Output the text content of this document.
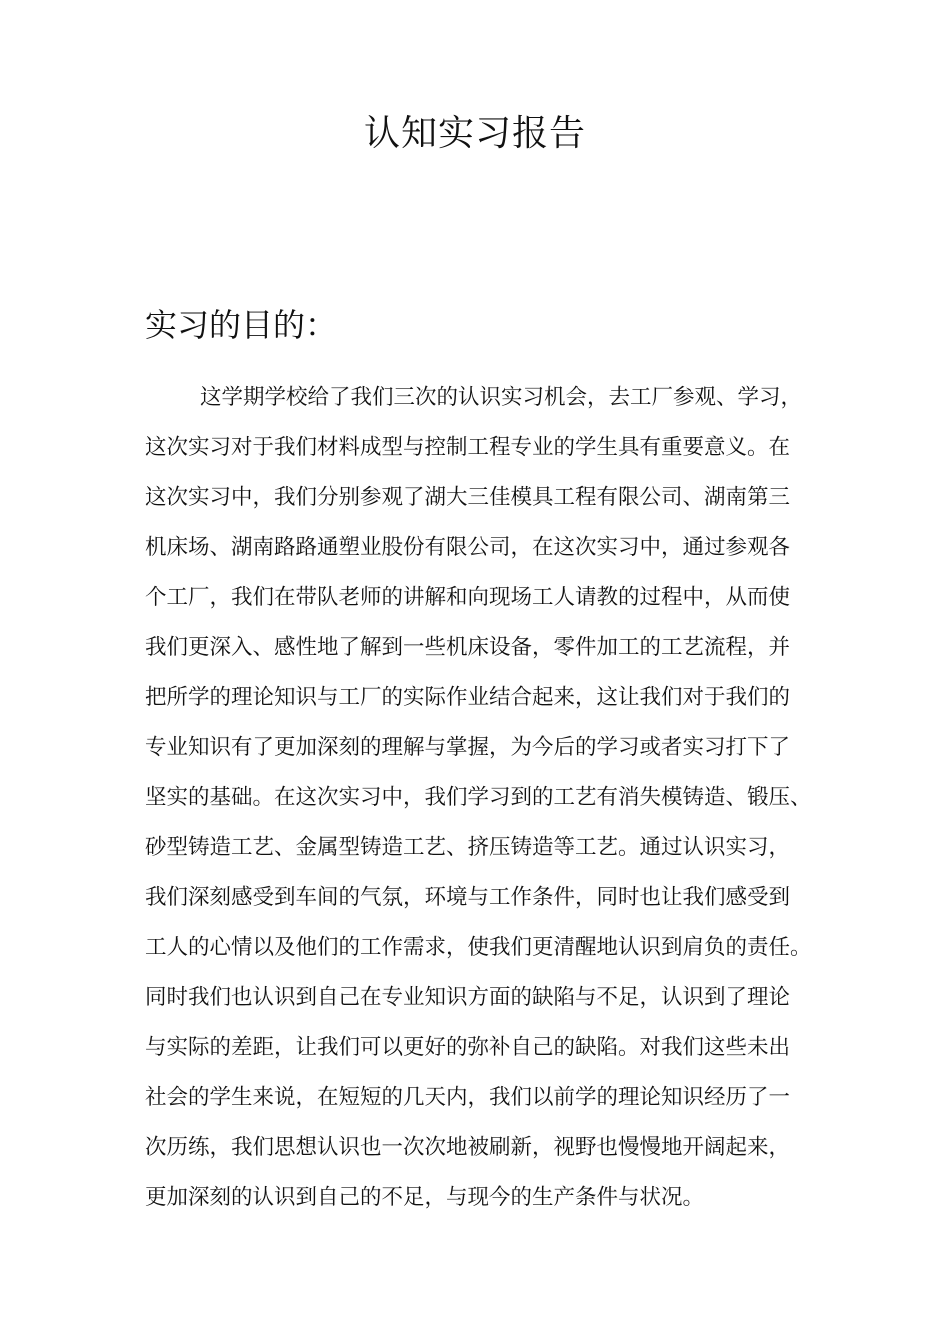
认知实习报告
实习的目的：
这学期学校给了我们三次的认识实习机会，去工厂参观、学习，
这次实习对于我们材料成型与控制工程专业的学生具有重要意义。在
这次实习中，我们分别参观了湖大三佳模具工程有限公司、湖南第三
机床场、湖南路路通塑业股份有限公司，在这次实习中，通过参观各
个工厂，我们在带队老师的讲解和向现场工人请教的过程中，从而使
我们更深入、感性地了解到一些机床设备，零件加工的工艺流程，并
把所学的理论知识与工厂的实际作业结合起来，这让我们对于我们的
专业知识有了更加深刻的理解与掌握，为今后的学习或者实习打下了
坚实的基础。在这次实习中，我们学习到的工艺有消失模铸造、锻压、
砂型铸造工艺、金属型铸造工艺、挤压铸造等工艺。通过认识实习，
我们深刻感受到车间的气氛，环境与工作条件，同时也让我们感受到
工人的心情以及他们的工作需求，使我们更清醒地认识到肩负的责任。
同时我们也认识到自己在专业知识方面的缺陷与不足，认识到了理论
与实际的差距，让我们可以更好的弥补自己的缺陷。对我们这些未出
社会的学生来说，在短短的几天内，我们以前学的理论知识经历了一
次历练，我们思想认识也一次次地被刷新，视野也慢慢地开阔起来，
更加深刻的认识到自己的不足，与现今的生产条件与状况。
